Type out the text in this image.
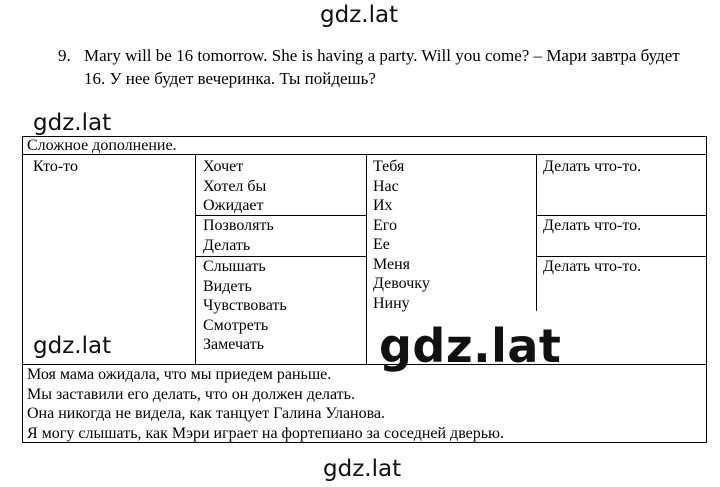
gdz.lat
9. Mary will be 16 tomorrow. She is having a party. Will you come? – Мари завтра будет
16. У нее будет вечеринка. Ты пойдешь?
gdz.lat
Сложное дополнение.
Кто-то	Хочет
Хотел бы
Ожидает
Позволять
Делать
Слышать
Видеть
Чувствовать
Смотреть
Замечать
Тебя
Нас
Их
Его
Ее
Меня
Девочку
Нину
Делать что-то.
Делать что-то.
Делать что-то.
Моя мама ожидала, что мы приедем раньше.
Мы заставили его делать, что он должен делать.
Она никогда не видела, как танцует Галина Уланова.
Я могу слышать, как Мэри играет на фортепиано за соседней дверью.
gdz.lat	gdz.lat
gdz.lat
